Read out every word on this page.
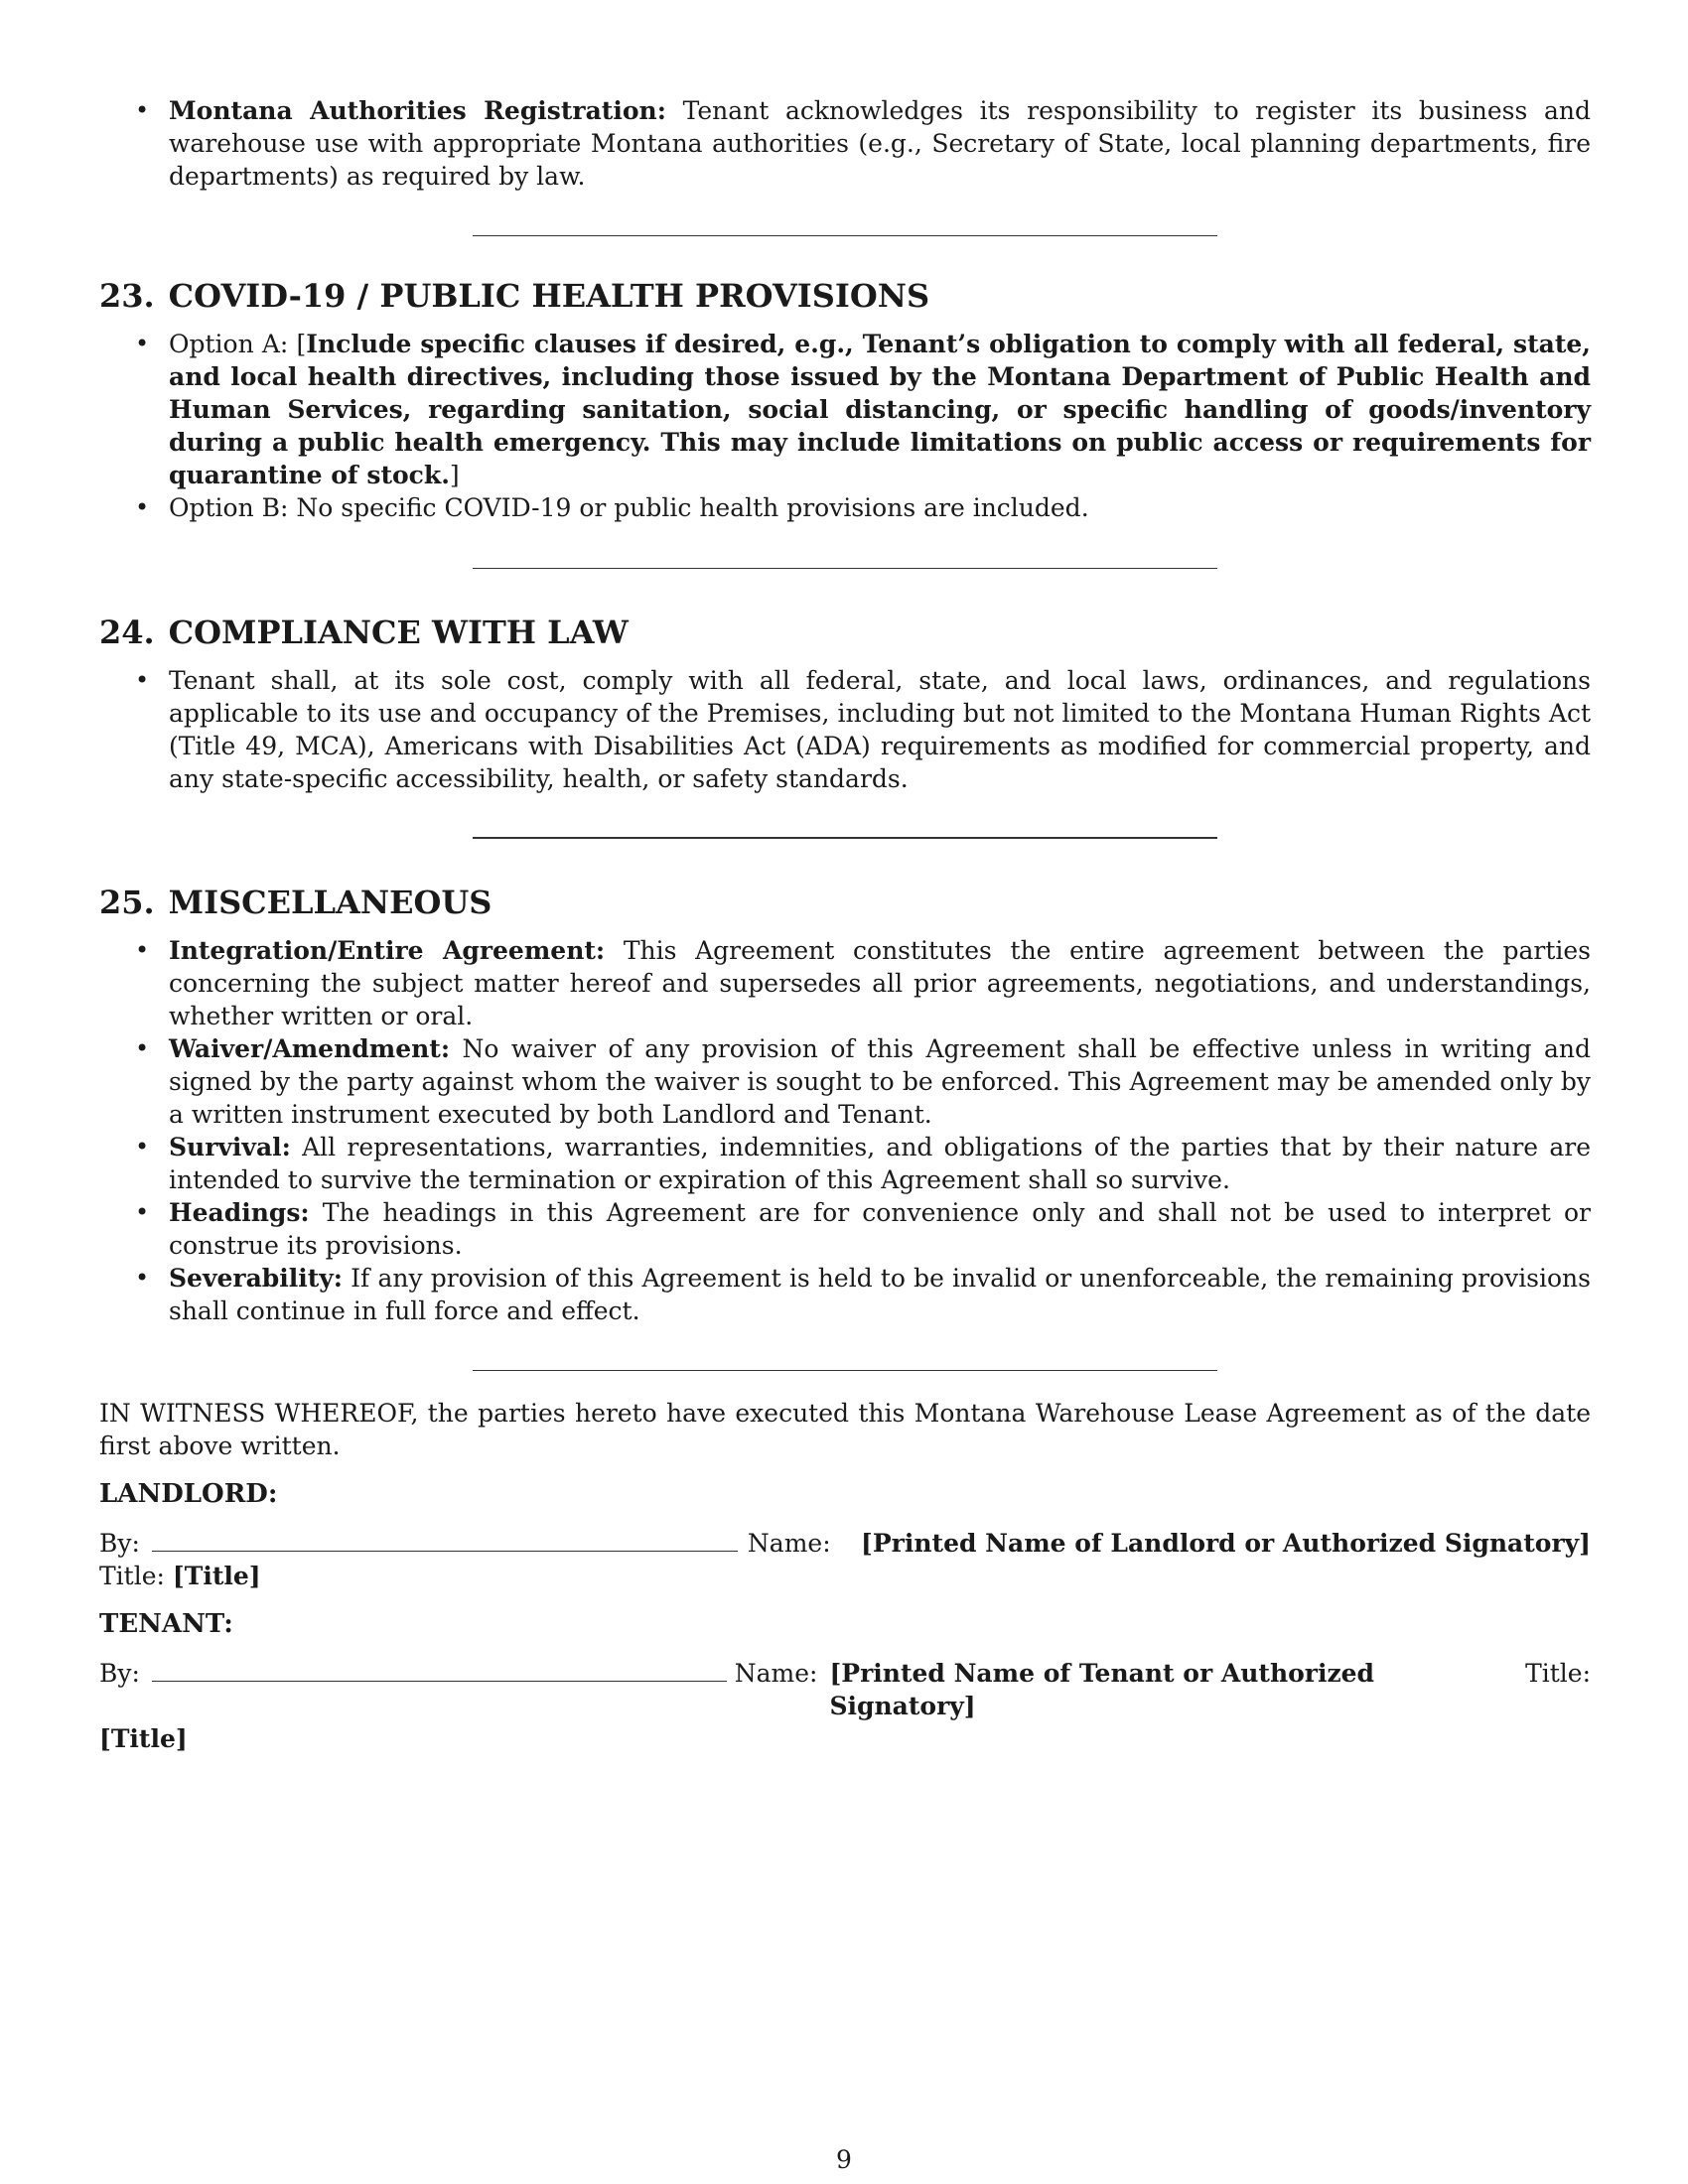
• Montana Authorities Registration: Tenant acknowledges its responsibility to register its business and warehouse use with appropriate Montana authorities (e.g., Secretary of State, local planning departments, fire departments) as required by law.
23. COVID-19 / PUBLIC HEALTH PROVISIONS
• Option A: [Include specific clauses if desired, e.g., Tenant’s obligation to comply with all federal, state, and local health directives, including those issued by the Montana Department of Public Health and Human Services, regarding sanitation, social distancing, or specific handling of goods/inventory during a public health emergency. This may include limitations on public access or requirements for quarantine of stock.]
• Option B: No specific COVID-19 or public health provisions are included.
24. COMPLIANCE WITH LAW
• Tenant shall, at its sole cost, comply with all federal, state, and local laws, ordinances, and regulations applicable to its use and occupancy of the Premises, including but not limited to the Montana Human Rights Act (Title 49, MCA), Americans with Disabilities Act (ADA) requirements as modified for commercial property, and any state-specific accessibility, health, or safety standards.
25. MISCELLANEOUS
• Integration/Entire Agreement: This Agreement constitutes the entire agreement between the parties concerning the subject matter hereof and supersedes all prior agreements, negotiations, and understandings, whether written or oral.
• Waiver/Amendment: No waiver of any provision of this Agreement shall be effective unless in writing and signed by the party against whom the waiver is sought to be enforced. This Agreement may be amended only by a written instrument executed by both Landlord and Tenant.
• Survival: All representations, warranties, indemnities, and obligations of the parties that by their nature are intended to survive the termination or expiration of this Agreement shall so survive.
• Headings: The headings in this Agreement are for convenience only and shall not be used to interpret or construe its provisions.
• Severability: If any provision of this Agreement is held to be invalid or unenforceable, the remaining provisions shall continue in full force and effect.

IN WITNESS WHEREOF, the parties hereto have executed this Montana Warehouse Lease Agreement as of the date first above written.

LANDLORD:

By:	Name: [Printed Name of Landlord or Authorized Signatory]
Title: [Title]

TENANT:

By:	Name: [Printed Name of Tenant or Authorized Signatory]
Title:
[Title]
9
